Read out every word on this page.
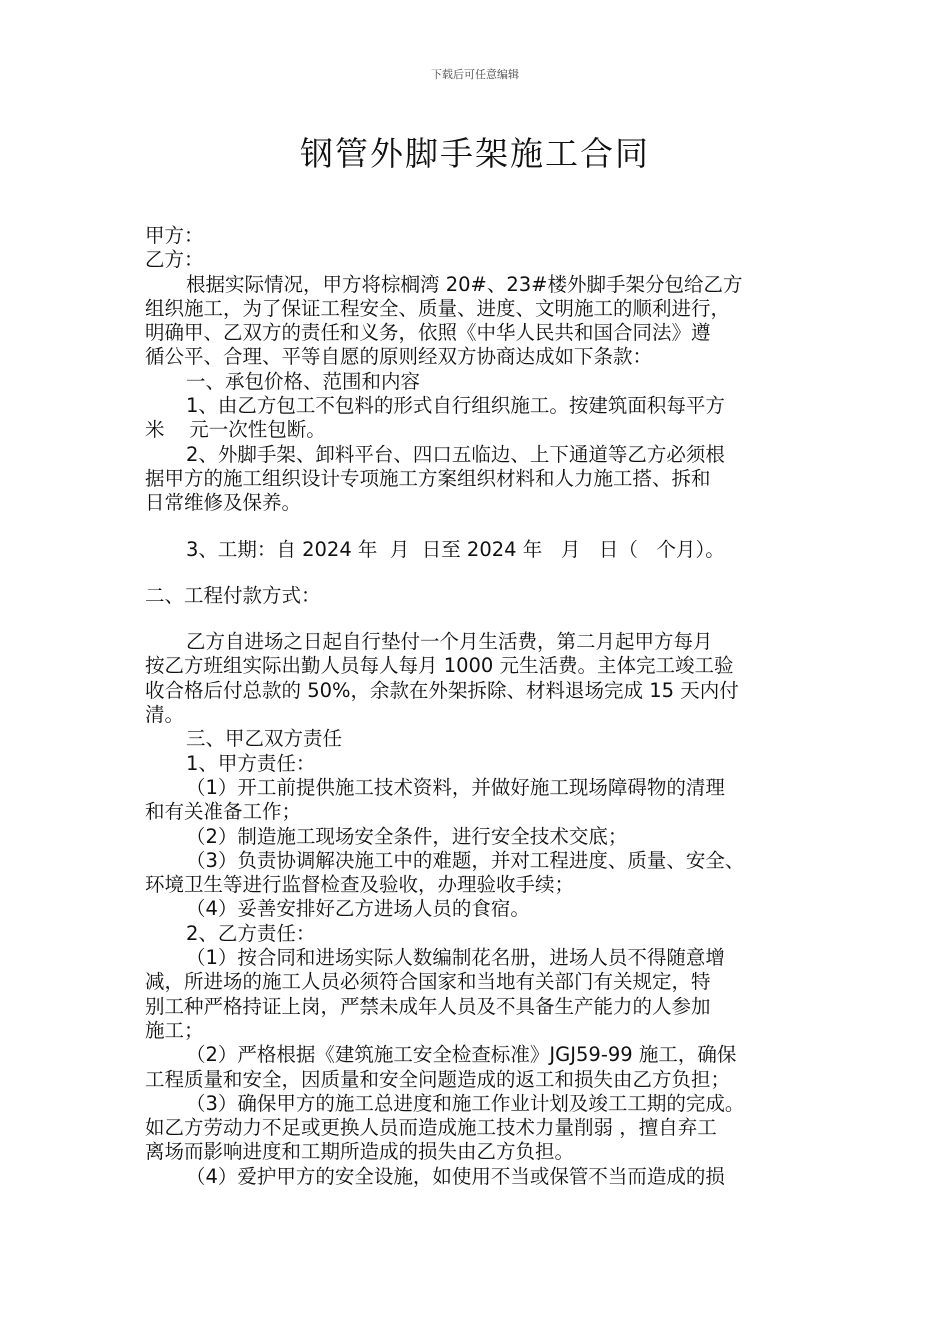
下载后可任意编辑
钢管外脚手架施工合同
甲方：
乙方：
根据实际情况，甲方将棕榈湾 20#、23#楼外脚手架分包给乙方
组织施工，为了保证工程安全、质量、进度、文明施工的顺利进行，
明确甲、乙双方的责任和义务，依照《中华人民共和国合同法》遵
循公平、合理、平等自愿的原则经双方协商达成如下条款：
一、承包价格、范围和内容
1、由乙方包工不包料的形式自行组织施工。按建筑面积每平方
米    元一次性包断。
2、外脚手架、卸料平台、四口五临边、上下通道等乙方必须根
据甲方的施工组织设计专项施工方案组织材料和人力施工搭、拆和
日常维修及保养。
3、工期：自 2024 年  月  日至 2024 年   月   日（   个月）。
二、工程付款方式：
乙方自进场之日起自行垫付一个月生活费，第二月起甲方每月
按乙方班组实际出勤人员每人每月 1000 元生活费。主体完工竣工验
收合格后付总款的 50%，余款在外架拆除、材料退场完成 15 天内付
清。
三、甲乙双方责任
1、甲方责任：
（1）开工前提供施工技术资料，并做好施工现场障碍物的清理
和有关准备工作；
（2）制造施工现场安全条件，进行安全技术交底；
（3）负责协调解决施工中的难题，并对工程进度、质量、安全、
环境卫生等进行监督检查及验收，办理验收手续；
（4）妥善安排好乙方进场人员的食宿。
2、乙方责任：
（1）按合同和进场实际人数编制花名册，进场人员不得随意增
减，所进场的施工人员必须符合国家和当地有关部门有关规定，特
别工种严格持证上岗，严禁未成年人员及不具备生产能力的人参加
施工；
（2）严格根据《建筑施工安全检查标准》JGJ59-99 施工，确保
工程质量和安全，因质量和安全问题造成的返工和损失由乙方负担；
（3）确保甲方的施工总进度和施工作业计划及竣工工期的完成。
如乙方劳动力不足或更换人员而造成施工技术力量削弱 ，擅自弃工
离场而影响进度和工期所造成的损失由乙方负担。
（4）爱护甲方的安全设施，如使用不当或保管不当而造成的损
